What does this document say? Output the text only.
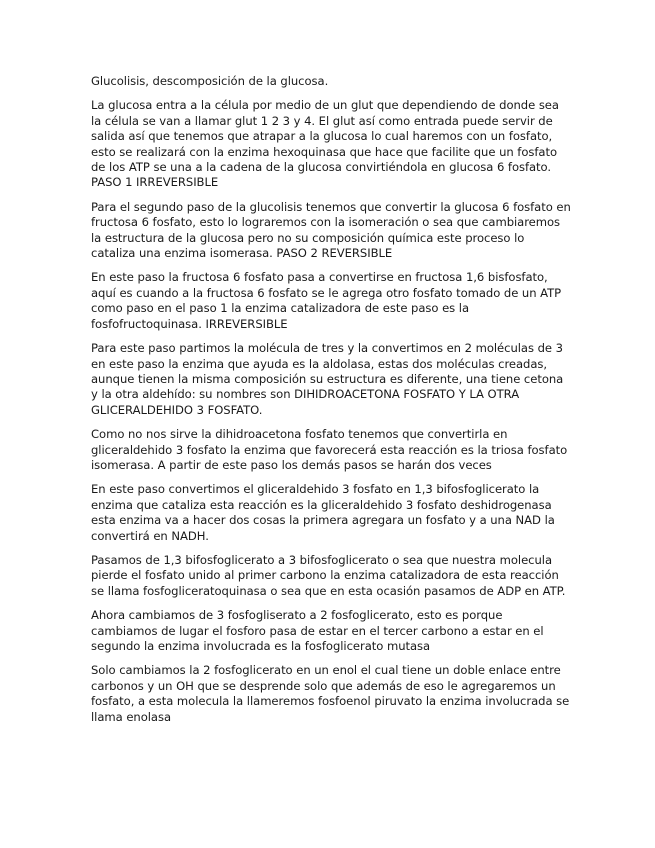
Glucolisis, descomposición de la glucosa.

La glucosa entra a la célula por medio de un glut que dependiendo de donde sea la célula se van a llamar glut 1 2 3 y 4. El glut así como entrada puede servir de salida así que tenemos que atrapar a la glucosa lo cual haremos con un fosfato, esto se realizará con la enzima hexoquinasa que hace que facilite que un fosfato de los ATP se una a la cadena de la glucosa convirtiéndola en glucosa 6 fosfato. PASO 1 IRREVERSIBLE

Para el segundo paso de la glucolisis tenemos que convertir la glucosa 6 fosfato en fructosa 6 fosfato, esto lo lograremos con la isomeración o sea que cambiaremos la estructura de la glucosa pero no su composición química este proceso lo cataliza una enzima isomerasa. PASO 2 REVERSIBLE

En este paso la fructosa 6 fosfato pasa a convertirse en fructosa 1,6 bisfosfato, aquí es cuando a la fructosa 6 fosfato se le agrega otro fosfato tomado de un ATP como paso en el paso 1 la enzima catalizadora de este paso es la fosfofructoquinasa. IRREVERSIBLE

Para este paso partimos la molécula de tres y la convertimos en 2 moléculas de 3 en este paso la enzima que ayuda es la aldolasa, estas dos moléculas creadas, aunque tienen la misma composición su estructura es diferente, una tiene cetona y la otra aldehído: su nombres son DIHIDROACETONA FOSFATO Y LA OTRA GLICERALDEHIDO 3 FOSFATO.

Como no nos sirve la dihidroacetona fosfato tenemos que convertirla en gliceraldehido 3 fosfato la enzima que favorecerá esta reacción es la triosa fosfato isomerasa. A partir de este paso los demás pasos se harán dos veces

En este paso convertimos el gliceraldehido 3 fosfato en 1,3 bifosfoglicerato la enzima que cataliza esta reacción es la gliceraldehido 3 fosfato deshidrogenasa esta enzima va a hacer dos cosas la primera agregara un fosfato y a una NAD la convertirá en NADH.

Pasamos de 1,3 bifosfoglicerato a 3 bifosfoglicerato o sea que nuestra molecula pierde el fosfato unido al primer carbono la enzima catalizadora de esta reacción se llama fosfogliceratoquinasa o sea que en esta ocasión pasamos de ADP en ATP.

Ahora cambiamos de 3 fosfogliserato a 2 fosfoglicerato, esto es porque cambiamos de lugar el fosforo pasa de estar en el tercer carbono a estar en el segundo la enzima involucrada es la fosfoglicerato mutasa

Solo cambiamos la 2 fosfoglicerato en un enol el cual tiene un doble enlace entre carbonos y un OH que se desprende solo que además de eso le agregaremos un fosfato, a esta molecula la llameremos fosfoenol piruvato la enzima involucrada se llama enolasa
